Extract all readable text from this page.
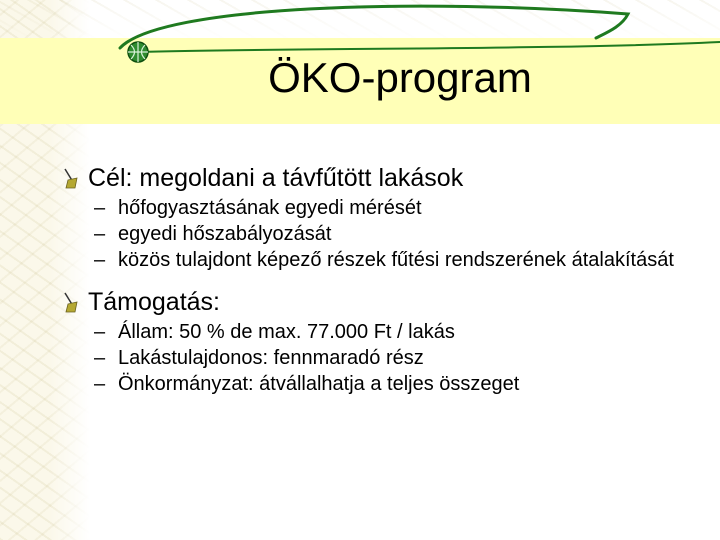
ÖKO-program
Cél: megoldani a távfűtött lakások
– hőfogyasztásának egyedi mérését
– egyedi hőszabályozását
– közös tulajdont képező részek fűtési rendszerének átalakítását
Támogatás:
– Állam: 50 % de max. 77.000 Ft / lakás
– Lakástulajdonos: fennmaradó rész
– Önkormányzat: átvállalhatja a teljes összeget
